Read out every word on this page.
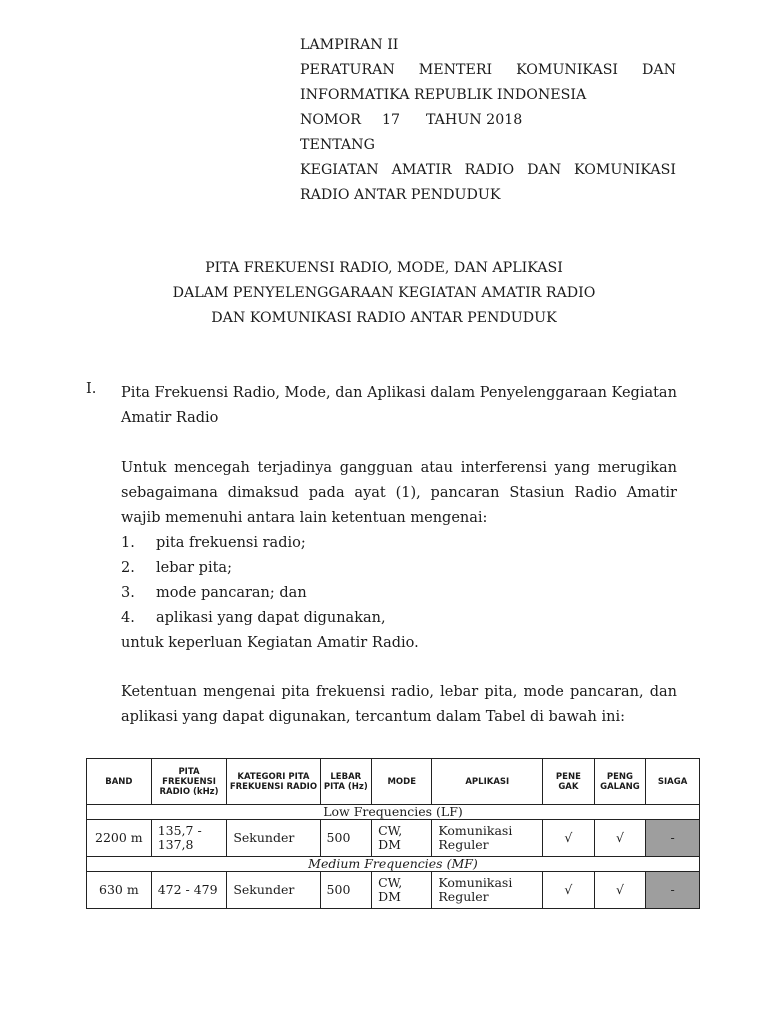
LAMPIRAN II
PERATURAN MENTERI KOMUNIKASI DAN
INFORMATIKA REPUBLIK INDONESIA
NOMOR 17 TAHUN 2018
TENTANG
KEGIATAN AMATIR RADIO DAN KOMUNIKASI
RADIO ANTAR PENDUDUK
PITA FREKUENSI RADIO, MODE, DAN APLIKASI
DALAM PENYELENGGARAAN KEGIATAN AMATIR RADIO
DAN KOMUNIKASI RADIO ANTAR PENDUDUK
I. Pita Frekuensi Radio, Mode, dan Aplikasi dalam Penyelenggaraan Kegiatan Amatir Radio
Untuk mencegah terjadinya gangguan atau interferensi yang merugikan sebagaimana dimaksud pada ayat (1), pancaran Stasiun Radio Amatir wajib memenuhi antara lain ketentuan mengenai:
1. pita frekuensi radio;
2. lebar pita;
3. mode pancaran; dan
4. aplikasi yang dapat digunakan,
untuk keperluan Kegiatan Amatir Radio.
Ketentuan mengenai pita frekuensi radio, lebar pita, mode pancaran, dan aplikasi yang dapat digunakan, tercantum dalam Tabel di bawah ini:
BAND	PITA FREKUENSI RADIO (kHz)	KATEGORI PITA FREKUENSI RADIO	LEBAR PITA (Hz)	MODE	APLIKASI	PENE GAK	PENG GALANG	SIAGA
Low Frequencies (LF)								
2200 m	135,7 - 137,8	Sekunder	500	CW, DM	Komunikasi Reguler	√	√	-
Medium Frequencies (MF)								
630 m	472 - 479	Sekunder	500	CW, DM	Komunikasi Reguler	√	√	-
